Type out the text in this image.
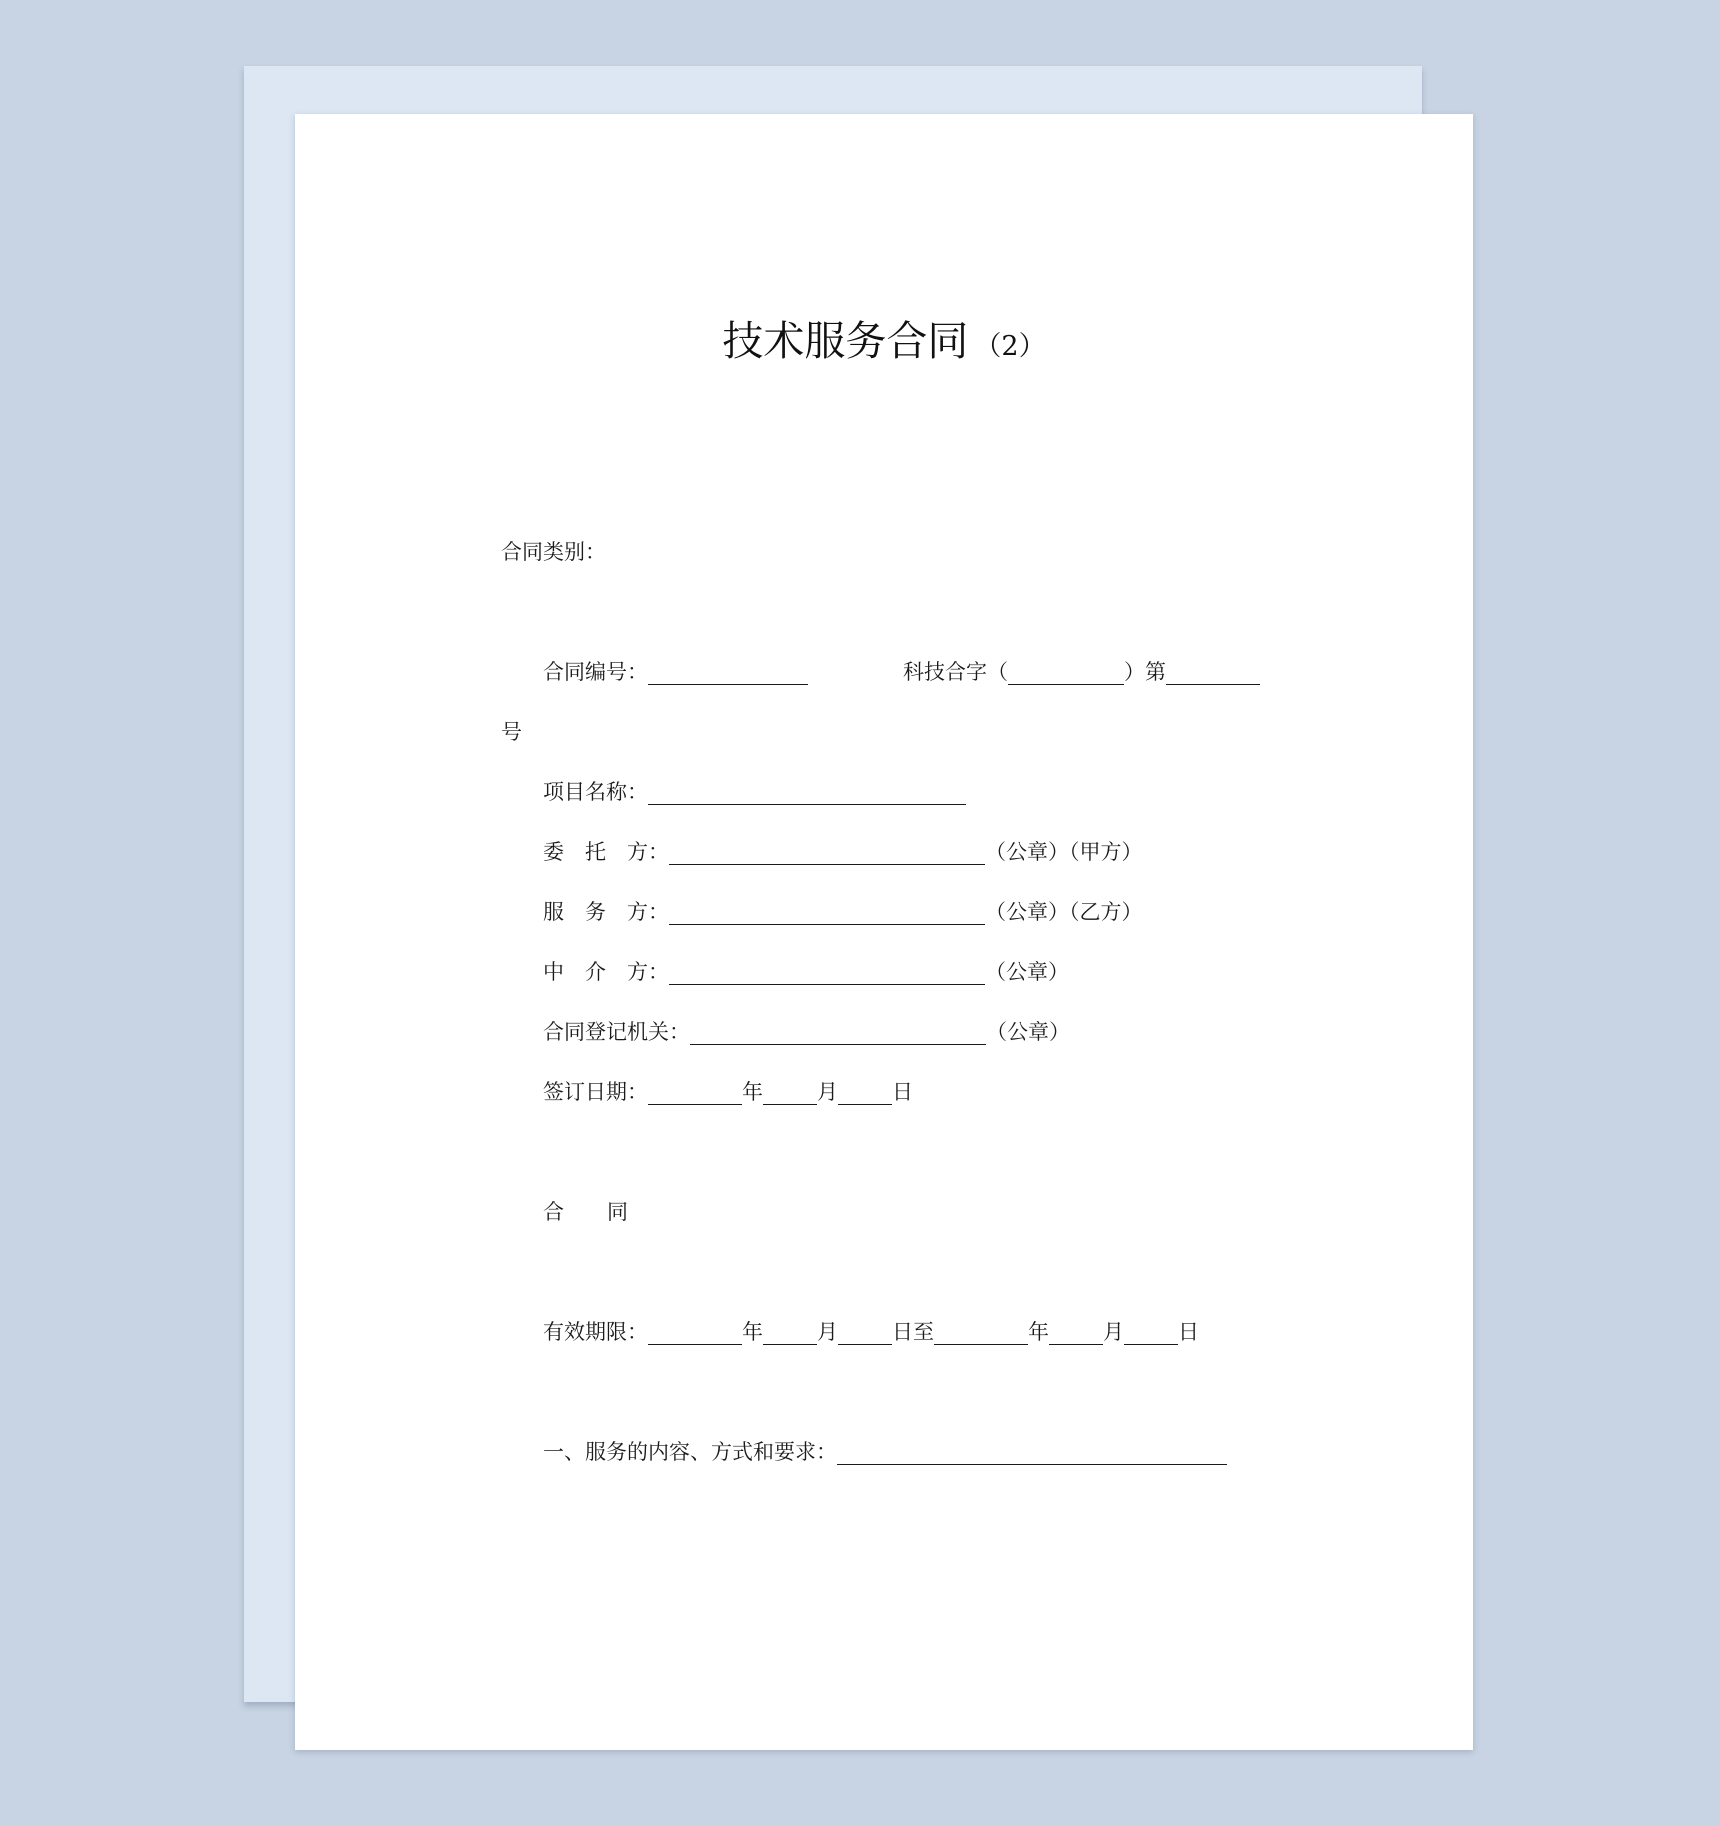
技术服务合同 （2）
合同类别：
合同编号：	科技合字（	）第
号
项目名称：
委 托 方：	（公章）（甲方）
服 务 方：	（公章）（乙方）
中 介 方：	（公章）
合同登记机关：	（公章）
签订日期：	年	月	日
合 同
有效期限：	年	月	日至	年	月	日
一、服务的内容、方式和要求：
